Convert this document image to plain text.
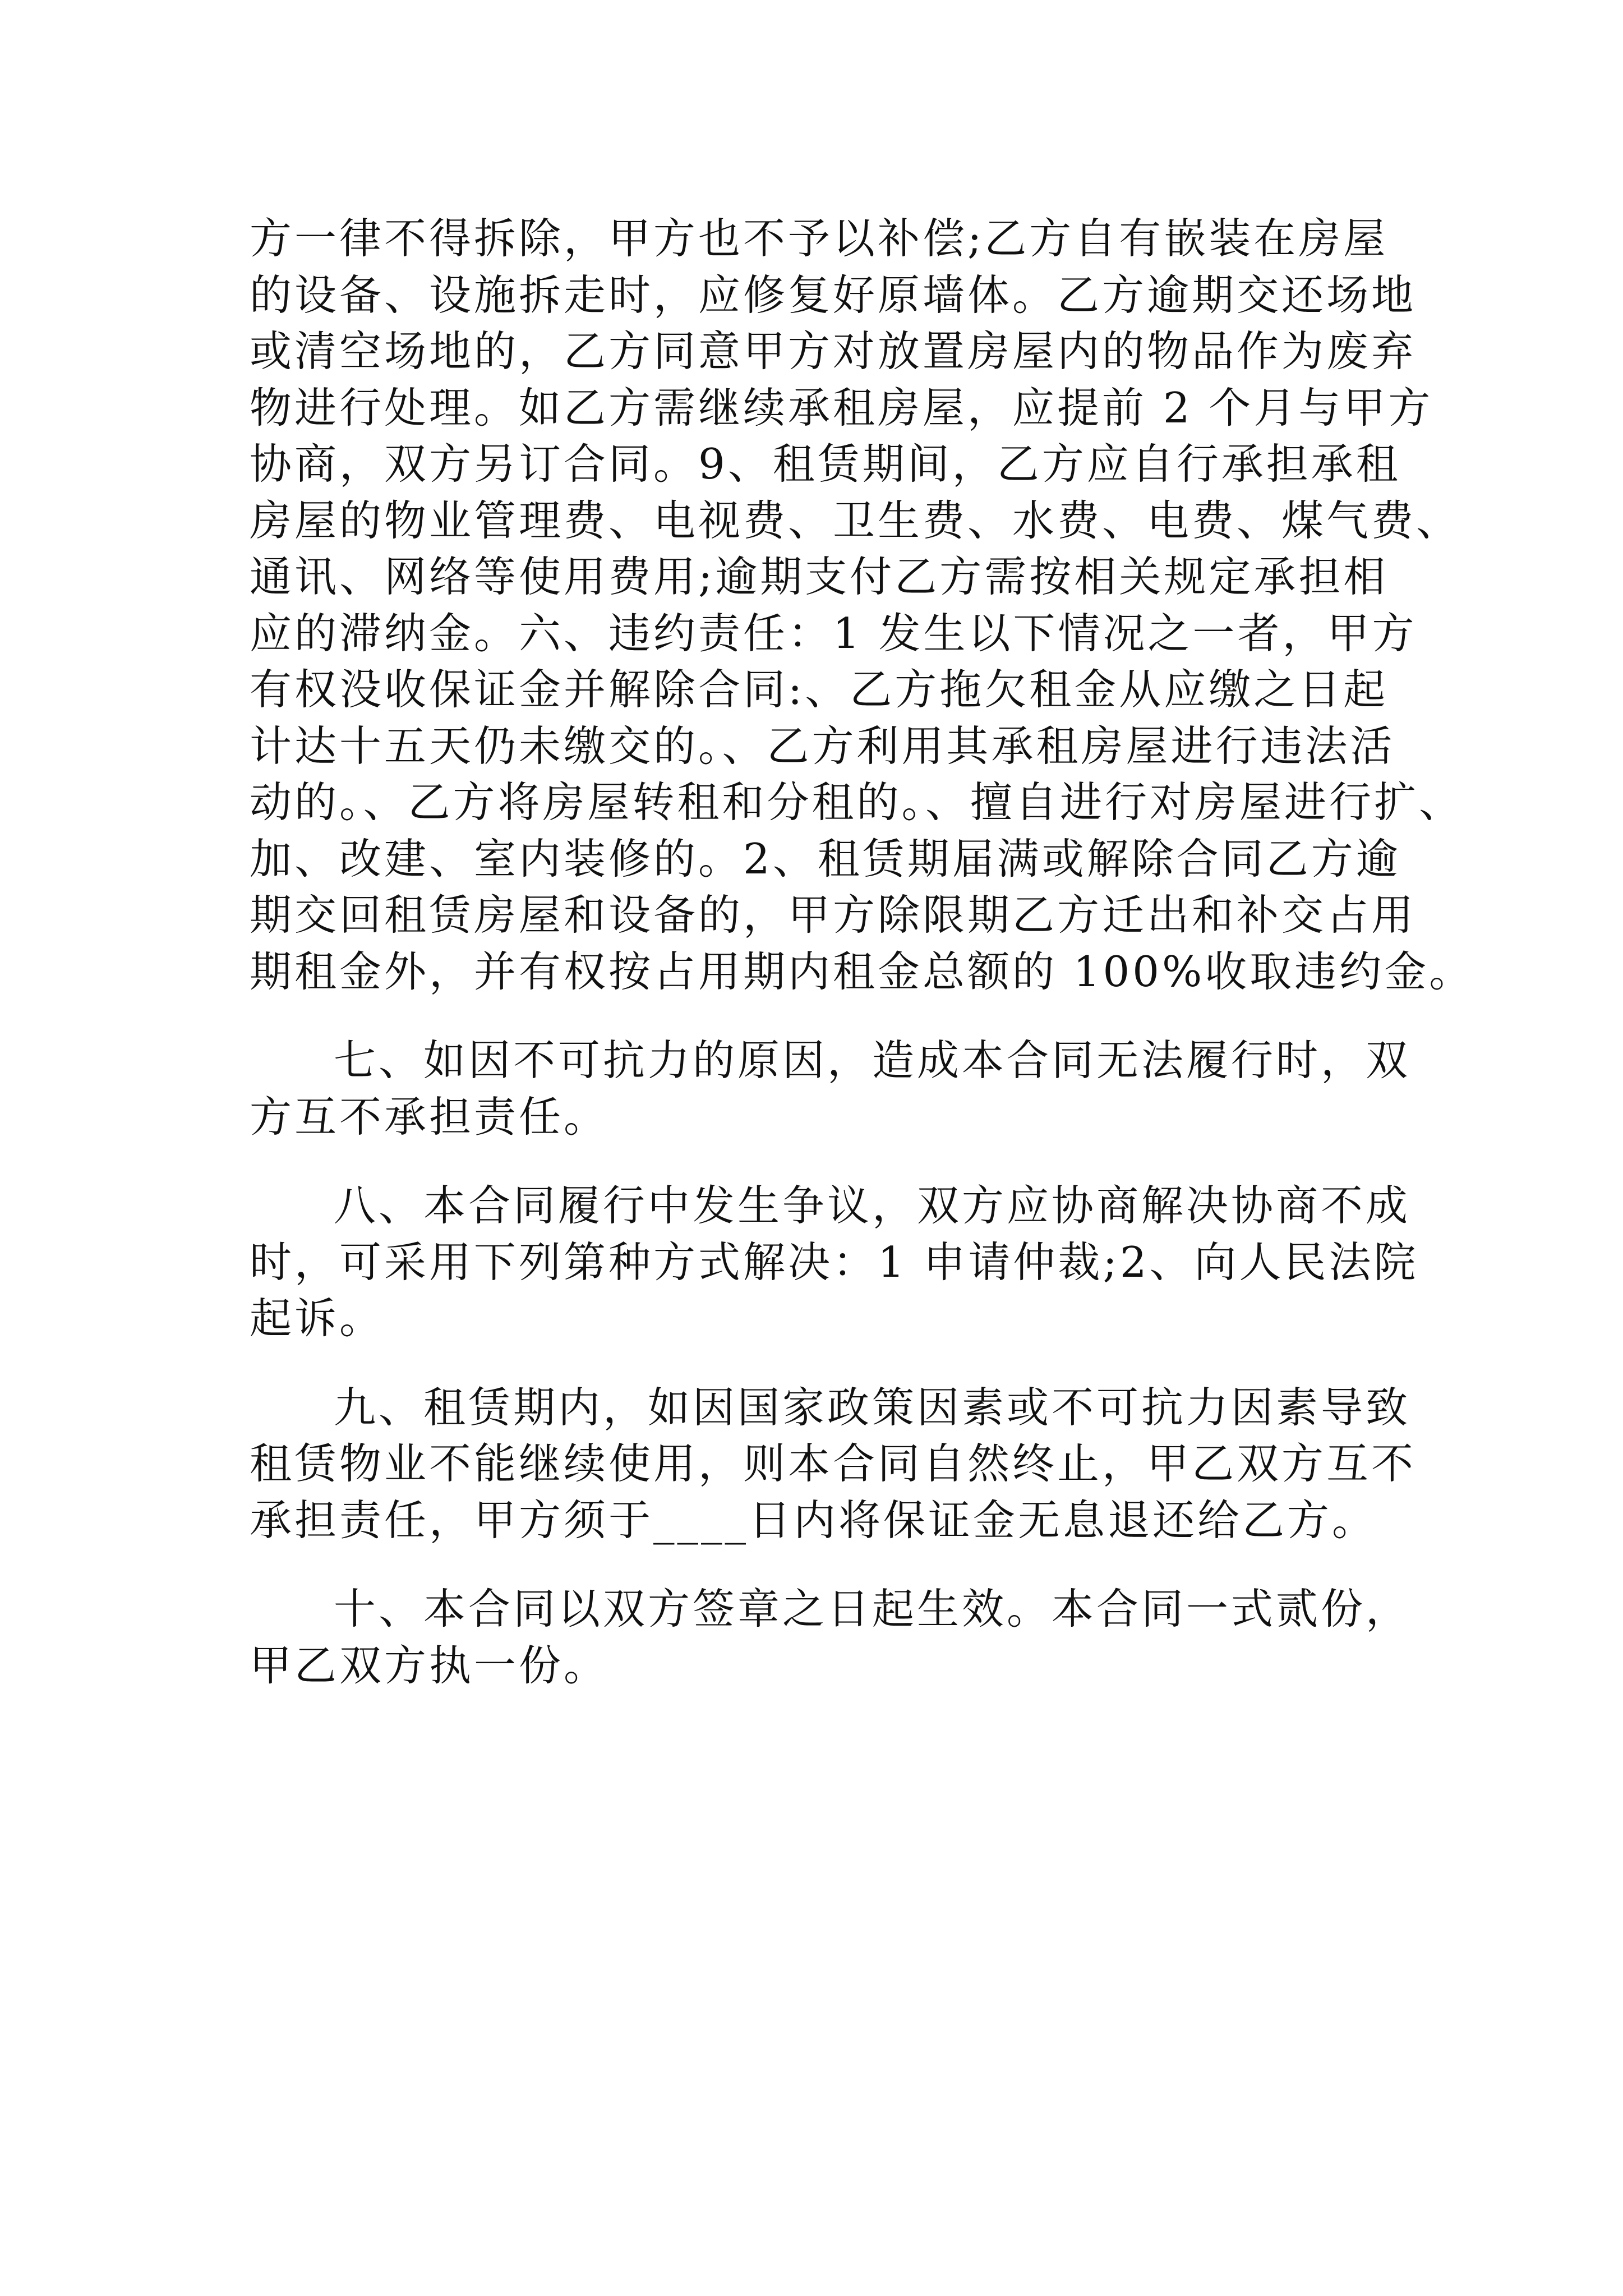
方一律不得拆除，甲方也不予以补偿;乙方自有嵌装在房屋
的设备、设施拆走时，应修复好原墙体。乙方逾期交还场地
或清空场地的，乙方同意甲方对放置房屋内的物品作为废弃
物进行处理。如乙方需继续承租房屋，应提前 2 个月与甲方
协商，双方另订合同。9、租赁期间，乙方应自行承担承租
房屋的物业管理费、电视费、卫生费、水费、电费、煤气费、
通讯、网络等使用费用;逾期支付乙方需按相关规定承担相
应的滞纳金。六、违约责任：1 发生以下情况之一者，甲方
有权没收保证金并解除合同:、乙方拖欠租金从应缴之日起
计达十五天仍未缴交的。、乙方利用其承租房屋进行违法活
动的。、乙方将房屋转租和分租的。、擅自进行对房屋进行扩、
加、改建、室内装修的。2、租赁期届满或解除合同乙方逾
期交回租赁房屋和设备的，甲方除限期乙方迁出和补交占用
期租金外，并有权按占用期内租金总额的 100%收取违约金。
七、如因不可抗力的原因，造成本合同无法履行时，双
方互不承担责任。
八、本合同履行中发生争议，双方应协商解决协商不成
时，可采用下列第种方式解决：1 申请仲裁;2、向人民法院
起诉。
九、租赁期内，如因国家政策因素或不可抗力因素导致
租赁物业不能继续使用，则本合同自然终止，甲乙双方互不
承担责任，甲方须于____日内将保证金无息退还给乙方。
十、本合同以双方签章之日起生效。本合同一式贰份，
甲乙双方执一份。
